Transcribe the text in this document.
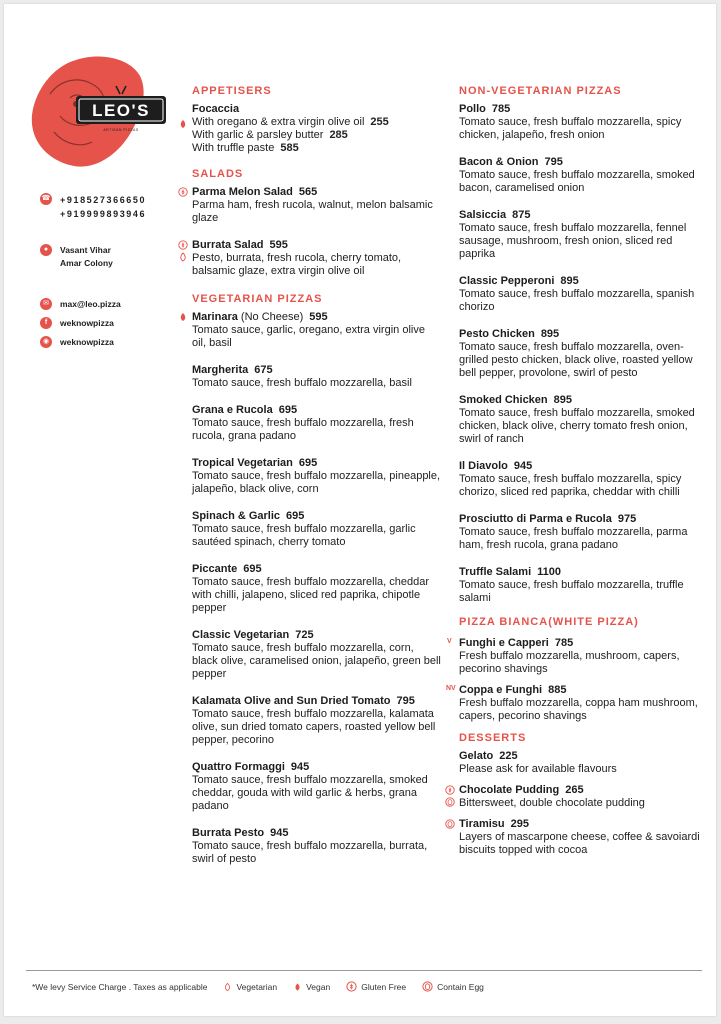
LEO'S
ARTISAN PIZZAS
☎ +918527366650
+919999893946
●	Vasant Vihar
Amar Colony
✉	max@leo.pizza
f	weknowpizza
◉	weknowpizza
APPETISERS
Focaccia
With oregano & extra virgin olive oil 255
With garlic & parsley butter 285
With truffle paste 585
SALADS
Parma Melon Salad 565
Parma ham, fresh rucola, walnut, melon balsamic glaze
Burrata Salad 595
Pesto, burrata, fresh rucola, cherry tomato, balsamic glaze, extra virgin olive oil
VEGETARIAN PIZZAS
Marinara (No Cheese) 595
Tomato sauce, garlic, oregano, extra virgin olive oil, basil
Margherita 675
Tomato sauce, fresh buffalo mozzarella, basil
Grana e Rucola 695
Tomato sauce, fresh buffalo mozzarella, fresh rucola, grana padano
Tropical Vegetarian 695
Tomato sauce, fresh buffalo mozzarella, pineapple, jalapeño, black olive, corn
Spinach & Garlic 695
Tomato sauce, fresh buffalo mozzarella, garlic sautéed spinach, cherry tomato
Piccante 695
Tomato sauce, fresh buffalo mozzarella, cheddar with chilli, jalapeno, sliced red paprika, chipotle pepper
Classic Vegetarian 725
Tomato sauce, fresh buffalo mozzarella, corn, black olive, caramelised onion, jalapeño, green bell pepper
Kalamata Olive and Sun Dried Tomato 795
Tomato sauce, fresh buffalo mozzarella, kalamata olive, sun dried tomato capers, roasted yellow bell pepper, pecorino
Quattro Formaggi 945
Tomato sauce, fresh buffalo mozzarella, smoked cheddar, gouda with wild garlic & herbs, grana padano
Burrata Pesto 945
Tomato sauce, fresh buffalo mozzarella, burrata, swirl of pesto
NON-VEGETARIAN PIZZAS
Pollo 785
Tomato sauce, fresh buffalo mozzarella, spicy chicken, jalapeño, fresh onion
Bacon & Onion 795
Tomato sauce, fresh buffalo mozzarella, smoked bacon, caramelised onion
Salsiccia 875
Tomato sauce, fresh buffalo mozzarella, fennel sausage, mushroom, fresh onion, sliced red paprika
Classic Pepperoni 895
Tomato sauce, fresh buffalo mozzarella, spanish chorizo
Pesto Chicken 895
Tomato sauce, fresh buffalo mozzarella, oven-grilled pesto chicken, black olive, roasted yellow bell pepper, provolone, swirl of pesto
Smoked Chicken 895
Tomato sauce, fresh buffalo mozzarella, smoked chicken, black olive, cherry tomato fresh onion, swirl of ranch
Il Diavolo 945
Tomato sauce, fresh buffalo mozzarella, spicy chorizo, sliced red paprika, cheddar with chilli
Prosciutto di Parma e Rucola 975
Tomato sauce, fresh buffalo mozzarella, parma ham, fresh rucola, grana padano
Truffle Salami 1100
Tomato sauce, fresh buffalo mozzarella, truffle salami
PIZZA BIANCA(WHITE PIZZA)
V Funghi e Capperi 785
Fresh buffalo mozzarella, mushroom, capers, pecorino shavings
NV Coppa e Funghi 885
Fresh buffalo mozzarella, coppa ham mushroom, capers, pecorino shavings
DESSERTS
Gelato 225
Please ask for available flavours
Chocolate Pudding 265
Bittersweet, double chocolate pudding
Tiramisu 295
Layers of mascarpone cheese, coffee & savoiardi biscuits topped with cocoa
*We levy Service Charge . Taxes as applicable	Vegetarian	Vegan	Gluten Free	Contain Egg
